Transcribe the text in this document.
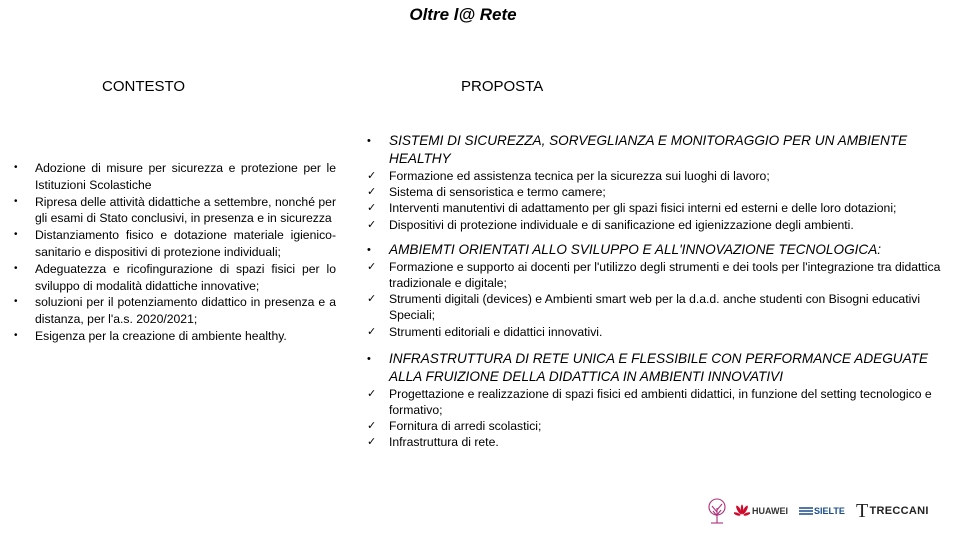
Oltre l@ Rete
CONTESTO	PROPOSTA
• Adozione di misure per sicurezza e protezione per le Istituzioni Scolastiche
• Ripresa delle attività didattiche a settembre, nonché per gli esami di Stato conclusivi, in presenza e in sicurezza
• Distanziamento fisico e dotazione materiale igienico- sanitario e dispositivi di protezione individuali;
• Adeguatezza e ricofingurazione di spazi fisici per lo sviluppo di modalità didattiche innovative;
• soluzioni per il potenziamento didattico in presenza e a distanza, per l'a.s. 2020/2021;
• Esigenza per la creazione di ambiente healthy.
• SISTEMI DI SICUREZZA, SORVEGLIANZA E MONITORAGGIO PER UN AMBIENTE HEALTHY
✓ Formazione ed assistenza tecnica per la sicurezza sui luoghi di lavoro;
✓ Sistema di sensoristica e termo camere;
✓ Interventi manutentivi di adattamento per gli spazi fisici interni ed esterni e delle loro dotazioni;
✓ Dispositivi di protezione individuale e di sanificazione ed igienizzazione degli ambienti.
• AMBIEMTI ORIENTATI ALLO SVILUPPO E ALL'INNOVAZIONE TECNOLOGICA:
✓ Formazione e supporto ai docenti per l'utilizzo degli strumenti e dei tools per l'integrazione tra didattica tradizionale e digitale;
✓ Strumenti digitali (devices) e Ambienti smart web per la d.a.d. anche studenti con Bisogni educativi Speciali;
✓ Strumenti editoriali e didattici innovativi.
• INFRASTRUTTURA DI RETE UNICA E FLESSIBILE CON PERFORMANCE ADEGUATE ALLA FRUIZIONE DELLA DIDATTICA IN AMBIENTI INNOVATIVI
✓ Progettazione e realizzazione di spazi fisici ed ambienti didattici, in funzione del setting tecnologico e formativo;
✓ Fornitura di arredi scolastici;
✓ Infrastruttura di rete.
HUAWEI	SIELTE T TRECCANI
